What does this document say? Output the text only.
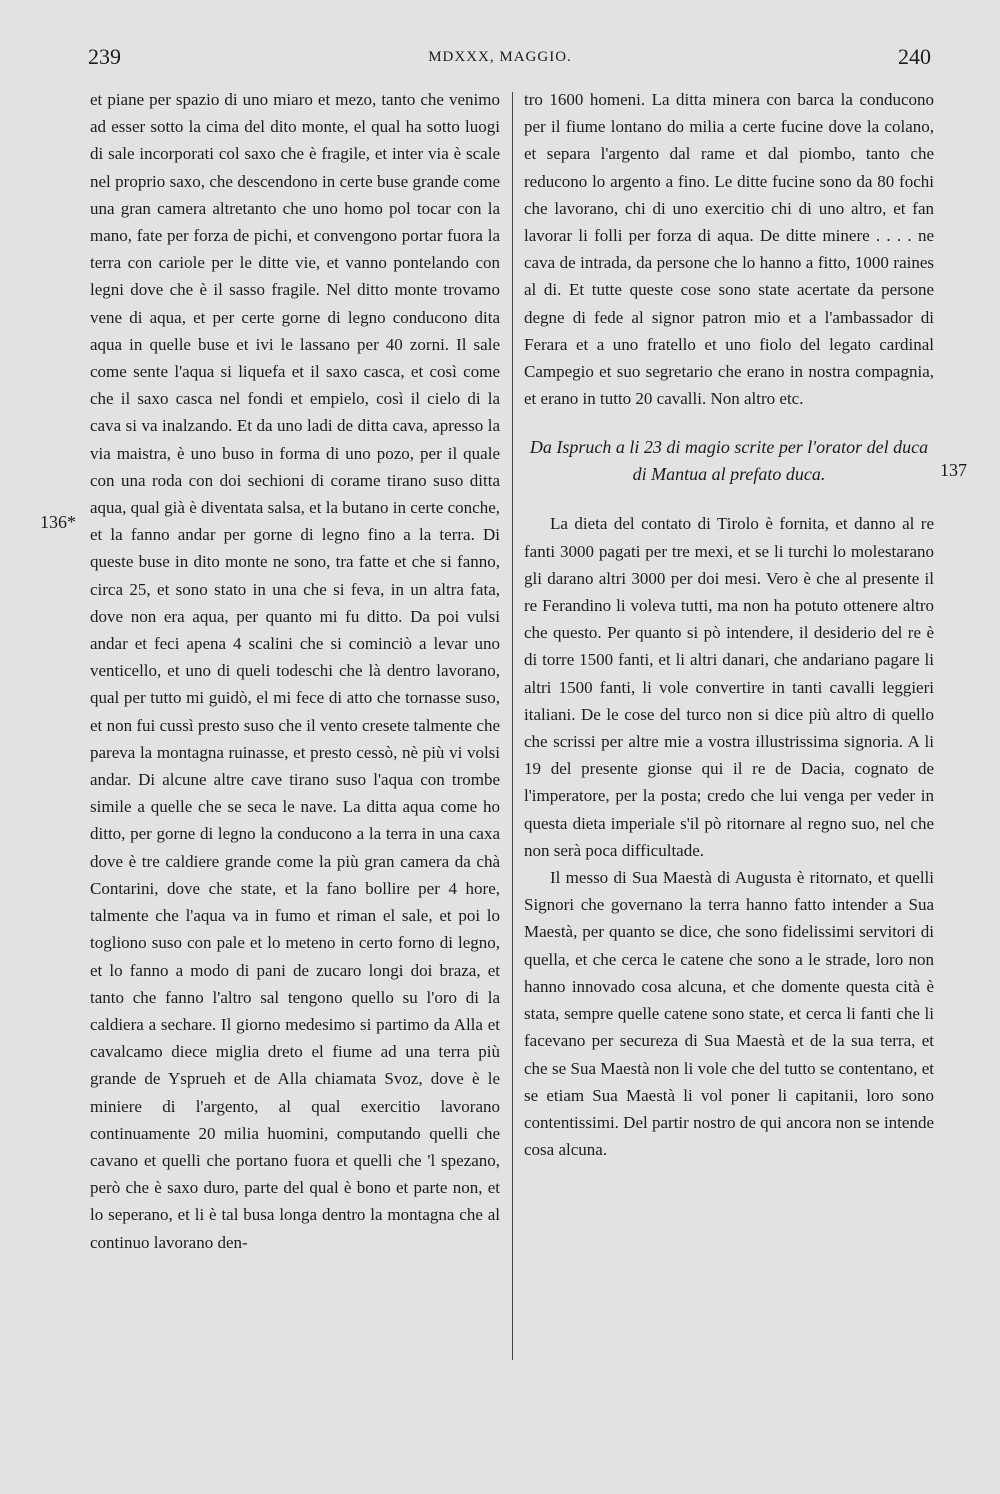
239	MDXXX, MAGGIO.	240
136*
137

et piane per spazio di uno miaro et mezo, tanto che venimo ad esser sotto la cima del dito monte, el qual ha sotto luogi di sale incorporati col saxo che è fragile, et inter via è scale nel proprio saxo, che descendono in certe buse grande come una gran camera altretanto che uno homo pol tocar con la mano, fate per forza de pichi, et convengono portar fuora la terra con cariole per le ditte vie, et vanno pontelando con legni dove che è il sasso fragile. Nel ditto monte trovamo vene di aqua, et per certe gorne di legno conducono dita aqua in quelle buse et ivi le lassano per 40 zorni. Il sale come sente l'aqua si liquefa et il saxo casca, et così come che il saxo casca nel fondi et empielo, così il cielo di la cava si va inalzando. Et da uno ladi de ditta cava, apresso la via maistra, è uno buso in forma di uno pozo, per il quale con una roda con doi sechioni di corame tirano suso ditta aqua, qual già è diventata salsa, et la butano in certe conche, et la fanno andar per gorne di legno fino a la terra. Di queste buse in dito monte ne sono, tra fatte et che si fanno, circa 25, et sono stato in una che si feva, in un altra fata, dove non era aqua, per quanto mi fu ditto. Da poi vulsi andar et feci apena 4 scalini che si cominciò a levar uno venticello, et uno di queli todeschi che là dentro lavorano, qual per tutto mi guidò, el mi fece di atto che tornasse suso, et non fui cussì presto suso che il vento cresete talmente che pareva la montagna ruinasse, et presto cessò, nè più vi volsi andar. Di alcune altre cave tirano suso l'aqua con trombe simile a quelle che se seca le nave. La ditta aqua come ho ditto, per gorne di legno la conducono a la terra in una caxa dove è tre caldiere grande come la più gran camera da chà Contarini, dove che state, et la fano bollire per 4 hore, talmente che l'aqua va in fumo et riman el sale, et poi lo togliono suso con pale et lo meteno in certo forno di legno, et lo fanno a modo di pani de zucaro longi doi braza, et tanto che fanno l'altro sal tengono quello su l'oro di la caldiera a sechare. Il giorno medesimo si partimo da Alla et cavalcamo diece miglia dreto el fiume ad una terra più grande de Ysprueh et de Alla chiamata Svoz, dove è le miniere di l'argento, al qual exercitio lavorano continuamente 20 milia huomini, computando quelli che cavano et quelli che portano fuora et quelli che 'l spezano, però che è saxo duro, parte del qual è bono et parte non, et lo seperano, et li è tal busa longa dentro la montagna che al continuo lavorano den-

tro 1600 homeni. La ditta minera con barca la conducono per il fiume lontano do milia a certe fucine dove la colano, et separa l'argento dal rame et dal piombo, tanto che reducono lo argento a fino. Le ditte fucine sono da 80 fochi che lavorano, chi di uno exercitio chi di uno altro, et fan lavorar li folli per forza di aqua. De ditte minere . . . . ne cava de intrada, da persone che lo hanno a fitto, 1000 raines al di. Et tutte queste cose sono state acertate da persone degne di fede al signor patron mio et a l'ambassador di Ferara et a uno fratello et uno fiolo del legato cardinal Campegio et suo segretario che erano in nostra compagnia, et erano in tutto 20 cavalli. Non altro etc.

Da Ispruch a li 23 di magio scrite per l'orator del duca di Mantua al prefato duca.

La dieta del contato di Tirolo è fornita, et danno al re fanti 3000 pagati per tre mexi, et se li turchi lo molestarano gli darano altri 3000 per doi mesi. Vero è che al presente il re Ferandino li voleva tutti, ma non ha potuto ottenere altro che questo. Per quanto si pò intendere, il desiderio del re è di torre 1500 fanti, et li altri danari, che andariano pagare li altri 1500 fanti, li vole convertire in tanti cavalli leggieri italiani. De le cose del turco non si dice più altro di quello che scrissi per altre mie a vostra illustrissima signoria. A li 19 del presente gionse qui il re de Dacia, cognato de l'imperatore, per la posta; credo che lui venga per veder in questa dieta imperiale s'il pò ritornare al regno suo, nel che non serà poca difficultade.

Il messo di Sua Maestà di Augusta è ritornato, et quelli Signori che governano la terra hanno fatto intender a Sua Maestà, per quanto se dice, che sono fidelissimi servitori di quella, et che cerca le catene che sono a le strade, loro non hanno innovado cosa alcuna, et che domente questa cità è stata, sempre quelle catene sono state, et cerca li fanti che li facevano per secureza di Sua Maestà et de la sua terra, et che se Sua Maestà non li vole che del tutto se contentano, et se etiam Sua Maestà li vol poner li capitanii, loro sono contentissimi. Del partir nostro de qui ancora non se intende cosa alcuna.
